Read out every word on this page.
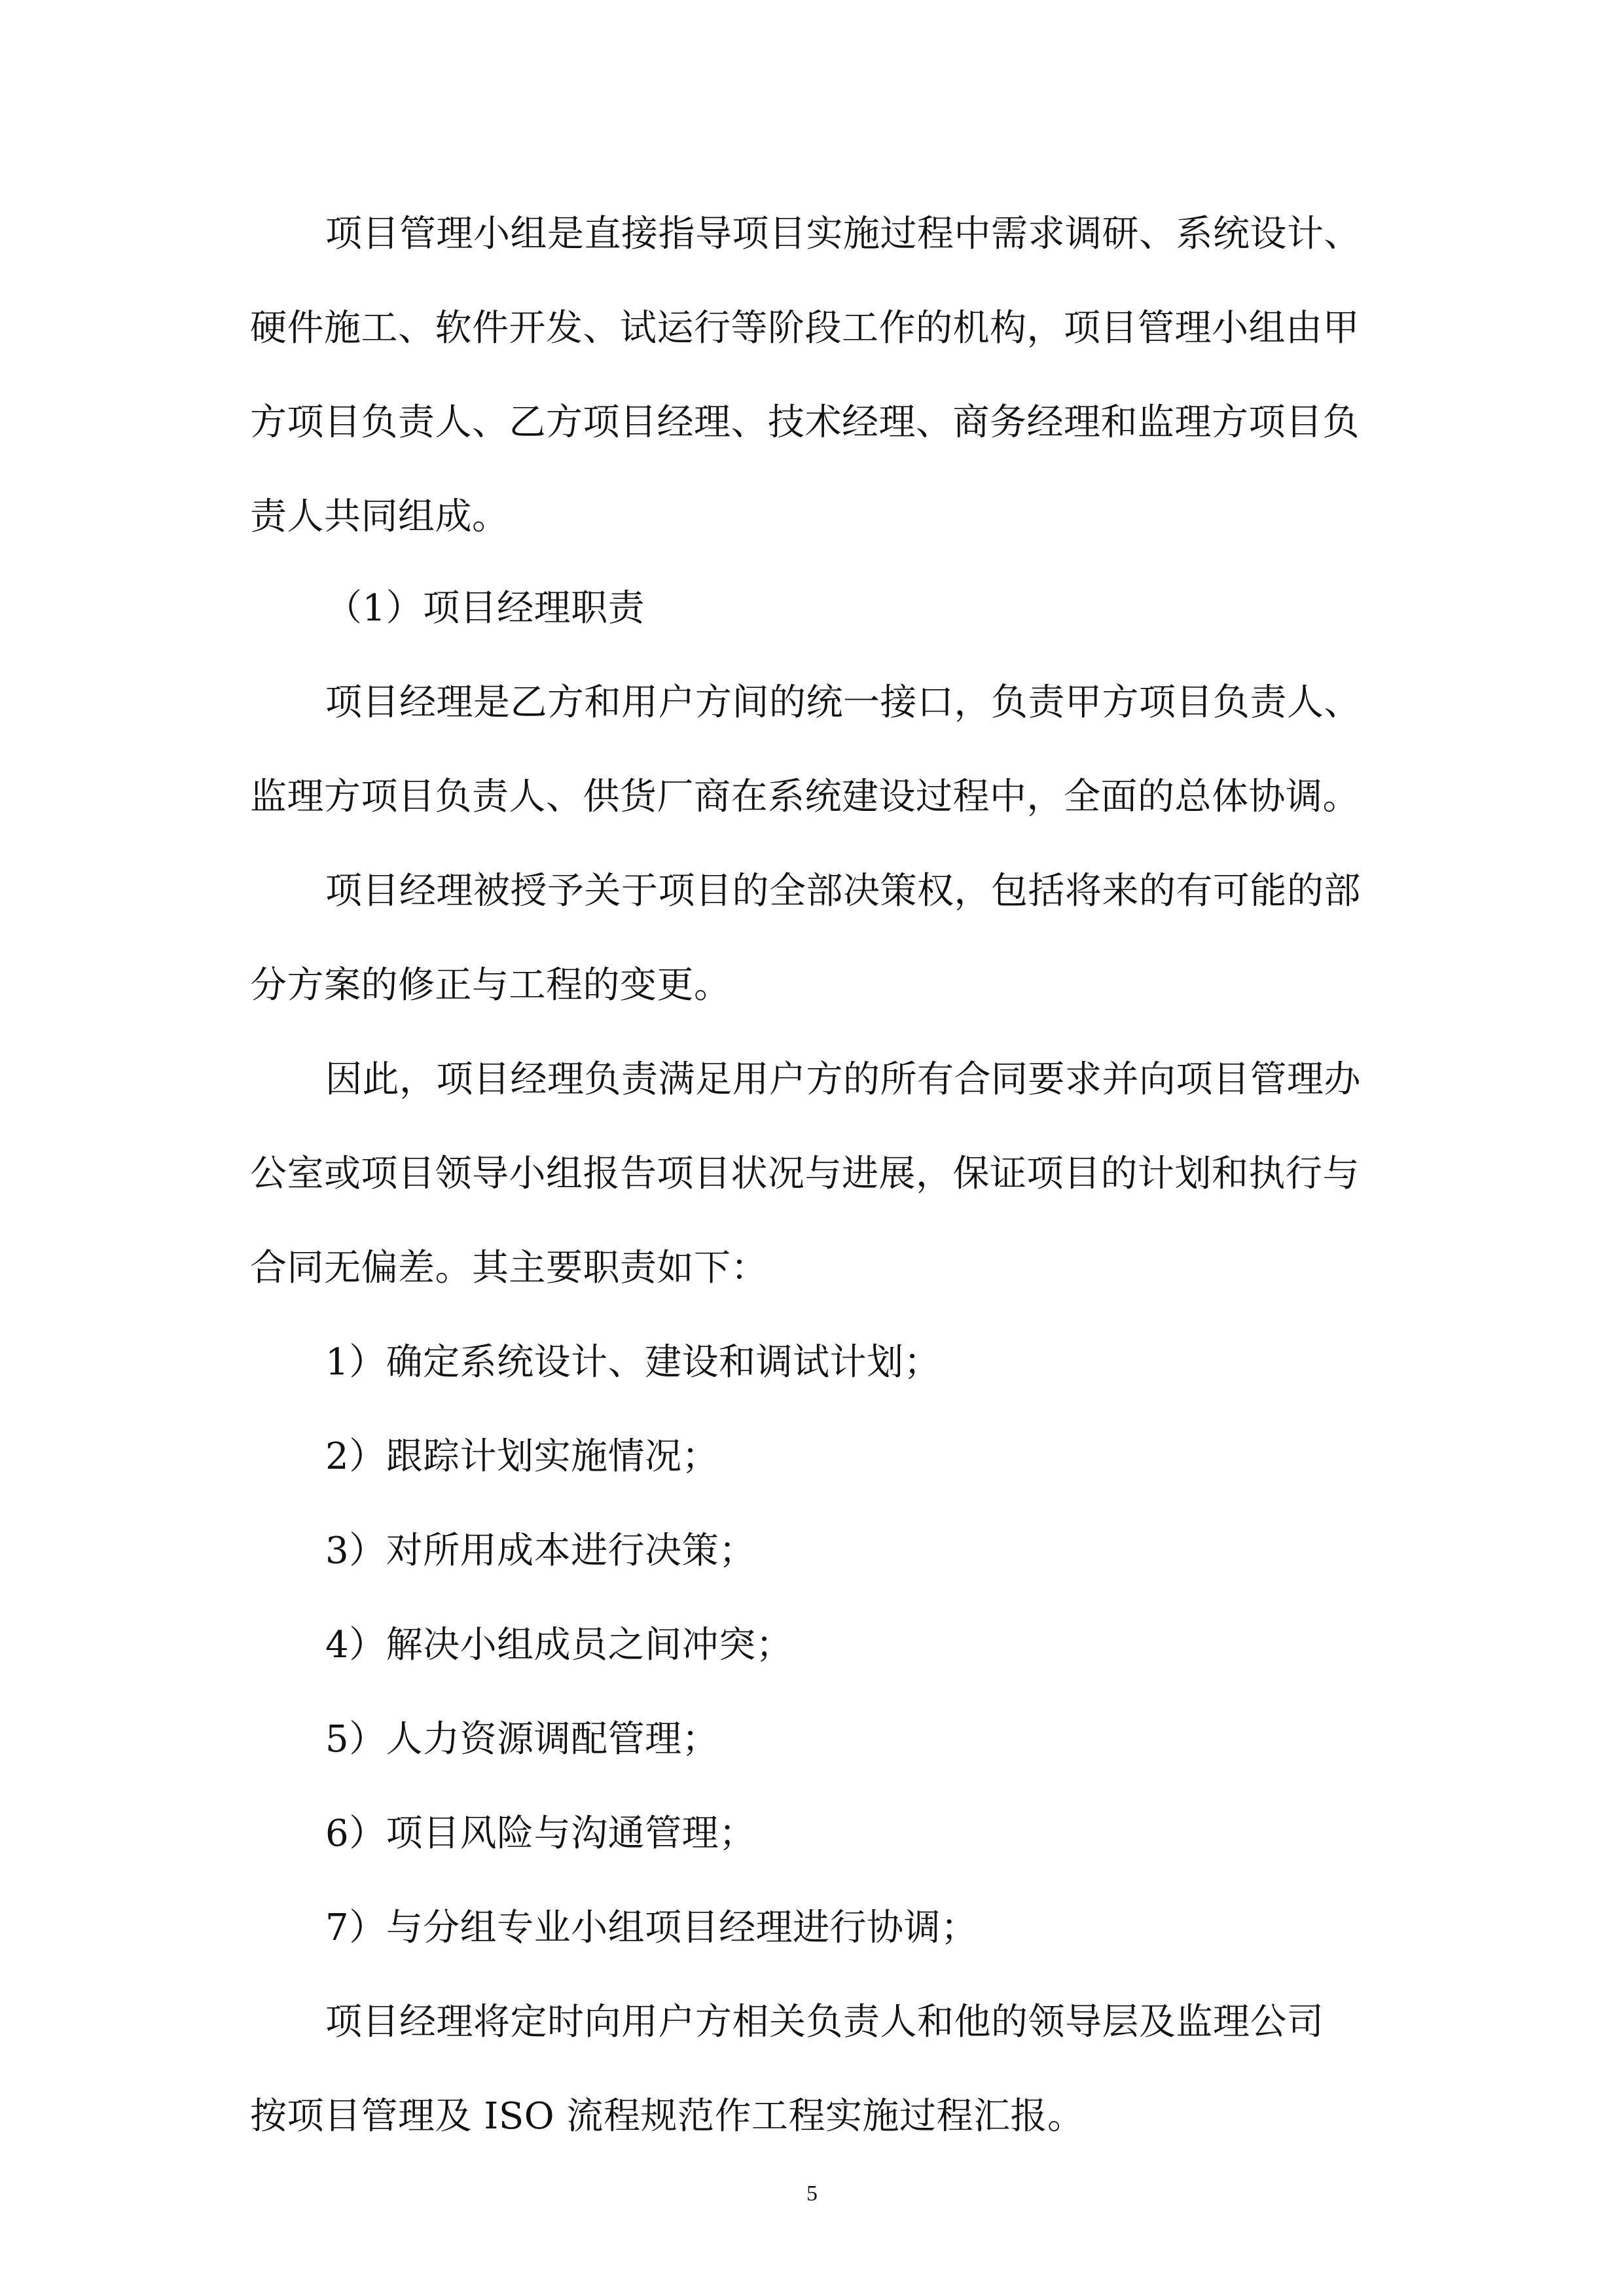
项目管理小组是直接指导项目实施过程中需求调研、系统设计、
硬件施工、软件开发、试运行等阶段工作的机构，项目管理小组由甲
方项目负责人、乙方项目经理、技术经理、商务经理和监理方项目负
责人共同组成。
（1）项目经理职责
项目经理是乙方和用户方间的统一接口，负责甲方项目负责人、
监理方项目负责人、供货厂商在系统建设过程中，全面的总体协调。
项目经理被授予关于项目的全部决策权，包括将来的有可能的部
分方案的修正与工程的变更。
因此，项目经理负责满足用户方的所有合同要求并向项目管理办
公室或项目领导小组报告项目状况与进展，保证项目的计划和执行与
合同无偏差。其主要职责如下：
1）确定系统设计、建设和调试计划；
2）跟踪计划实施情况；
3）对所用成本进行决策；
4）解决小组成员之间冲突；
5）人力资源调配管理；
6）项目风险与沟通管理；
7）与分组专业小组项目经理进行协调；
项目经理将定时向用户方相关负责人和他的领导层及监理公司
按项目管理及 ISO 流程规范作工程实施过程汇报。
5
